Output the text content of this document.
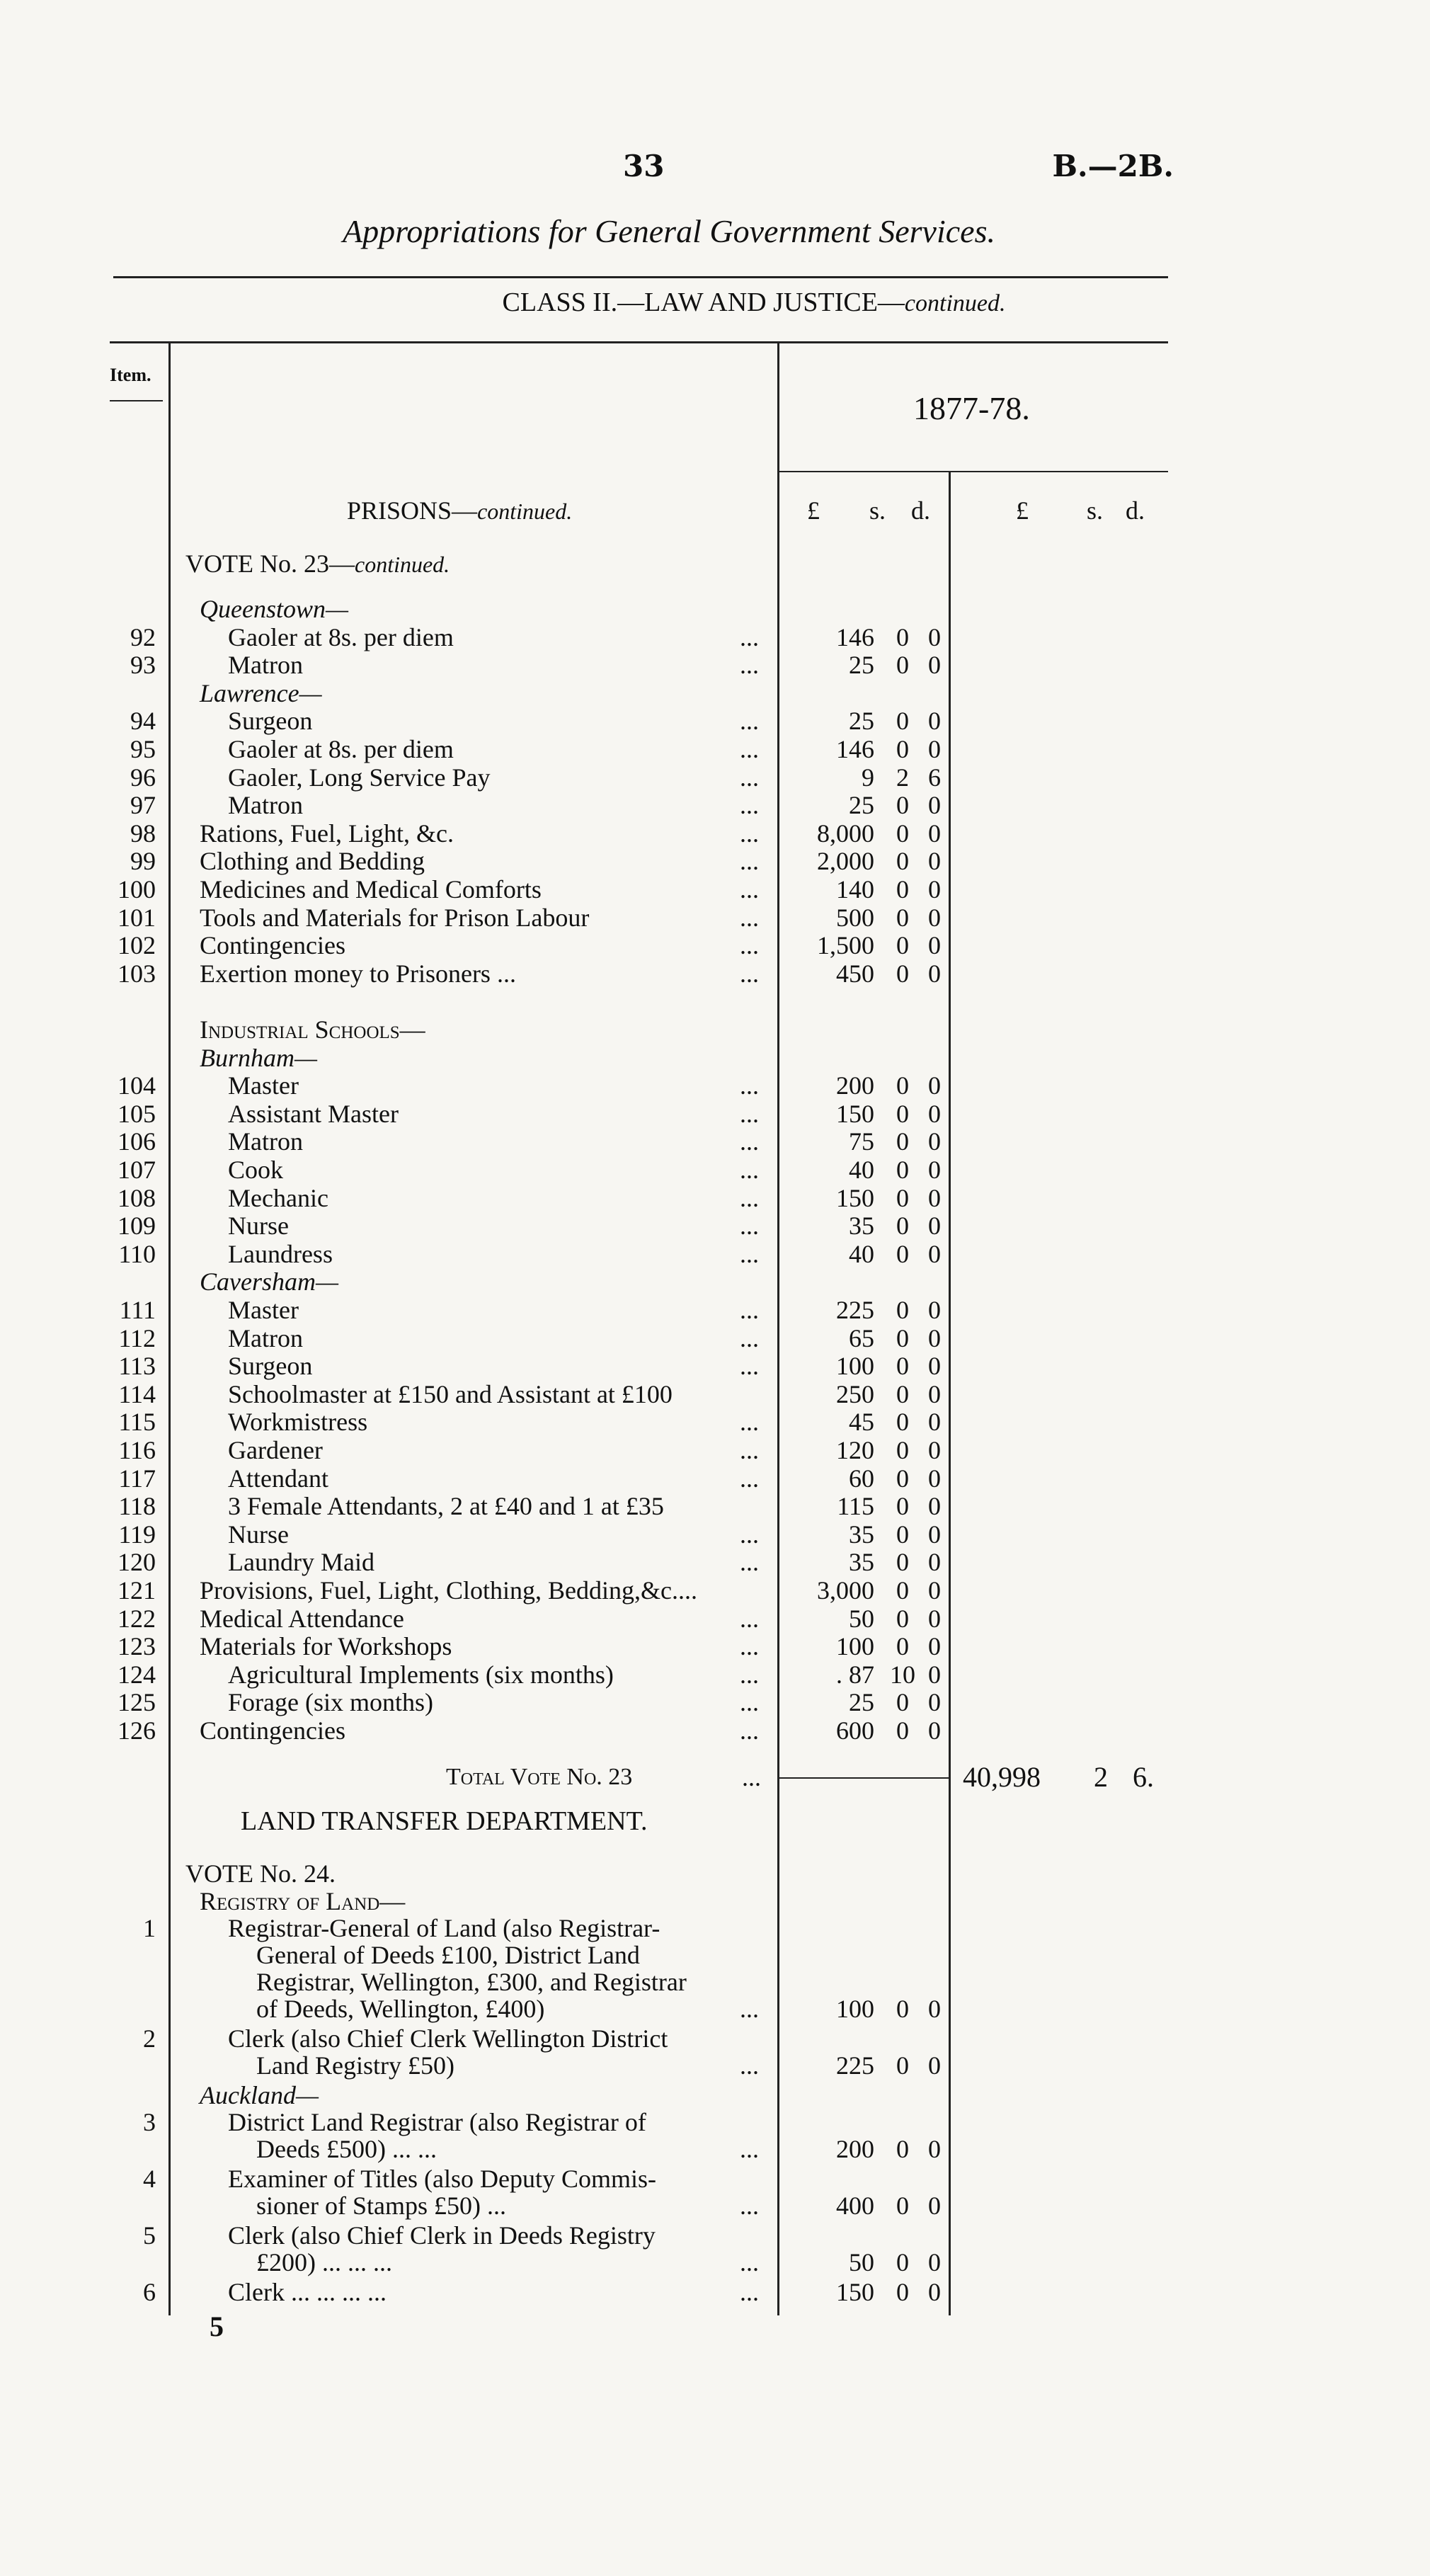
33	B.—2B.
Appropriations for General Government Services.
CLASS II.—LAW AND JUSTICE—continued.
Item.
1877-78.
£ s. d.	£ s. d.
PRISONS—continued.
VOTE No. 23—continued.
Queenstown—
92	Gaoler at 8s. per diem	...	146 0 0
93	Matron	...	25 0 0
Lawrence—
94	Surgeon	...	25 0 0
95	Gaoler at 8s. per diem	...	146 0 0
96	Gaoler, Long Service Pay	...	9 2 6
97	Matron	...	25 0 0
98 Rations, Fuel, Light, &c.	...	8,000 0 0
99 Clothing and Bedding	...	2,000 0 0
100 Medicines and Medical Comforts	...	140 0 0
101 Tools and Materials for Prison Labour	...	500 0 0
102 Contingencies	...	1,500 0 0
103 Exertion money to Prisoners ...	...	450 0 0
Industrial Schools—
Burnham—
104	Master	...	200 0 0
105	Assistant Master	...	150 0 0
106	Matron	...	75 0 0
107	Cook	...	40 0 0
108	Mechanic	...	150 0 0
109	Nurse	...	35 0 0
110	Laundress	...	40 0 0
Caversham—
111	Master	...	225 0 0
112	Matron	...	65 0 0
113	Surgeon	...	100 0 0
114	Schoolmaster at £150 and Assistant at £100	250 0 0
115	Workmistress	...	45 0 0
116	Gardener	...	120 0 0
117	Attendant	...	60 0 0
118	3 Female Attendants, 2 at £40 and 1 at £35	115 0 0
119	Nurse	...	35 0 0
120	Laundry Maid	...	35 0 0
121 Provisions, Fuel, Light, Clothing, Bedding,&c....	3,000 0 0
122 Medical Attendance	...	50 0 0
123 Materials for Workshops	...	100 0 0
124	Agricultural Implements (six months)	...	. 87 10 0
125	Forage (six months)	...	25 0 0
126 Contingencies	...	600 0 0
Total Vote No. 23	...	40,998 2 6.
LAND TRANSFER DEPARTMENT.
VOTE No. 24.
Registry of Land—
1	Registrar-General of Land (also Registrar-
General of Deeds £100, District Land
Registrar, Wellington, £300, and Registrar
of Deeds, Wellington, £400)	...	100 0 0
2	Clerk (also Chief Clerk Wellington District
Land Registry £50)	...	225 0 0
Auckland—
3	District Land Registrar (also Registrar of
Deeds £500) ... ...	...	200 0 0
4	Examiner of Titles (also Deputy Commis-
sioner of Stamps £50) ...	...	400 0 0
5	Clerk (also Chief Clerk in Deeds Registry
£200) ... ... ...	...	50 0 0
6	Clerk ... ... ... ...	...	150 0 0
5
